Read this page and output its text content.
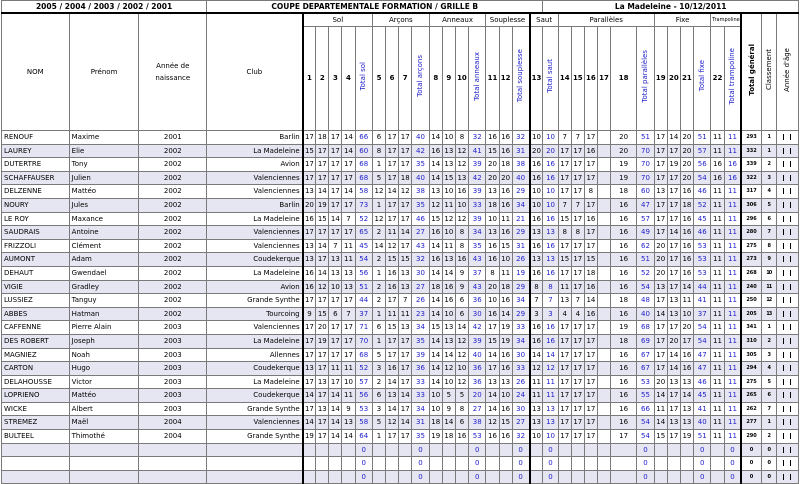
2005 / 2004 / 2003 / 2002 / 2001			COUPE DEPARTEMENTALE FORMATION / GRILLE B																		La Madeleine - 10/12/2011															
NOM	Prénom	Année de naissance	Club	Sol					Arçons				Anneaux				Souplesse			Saut		Parallèles						Fixe				Trampoline		Total général	Classement	Année d'âge
				1	2	3	4	Total sol	5	6	7	Total arçons	8	9	10	Total anneaux	11	12	Total souplesse	13	Total saut	14	15	16	17	18	Total parallèles	19	20	21	Total fixe	22	Total trampoline			
RENOUF	Maxime	2001	Barlin	17	18	17	14	66	6	17	17	40	14	10	8	32	16	16	32	10	10	7	7	17		20	51	17	14	20	51	11	11	293	1	
LAUREY	Elie	2002	La Madeleine	15	17	17	14	60	8	17	17	42	16	13	12	41	15	16	31	20	20	17	17	16		20	70	17	17	20	57	11	11	332	1	
DUTERTRE	Tony	2002	Avion	17	17	17	17	68	1	17	17	35	14	13	12	39	20	18	38	16	16	17	17	17		19	70	17	19	20	56	16	16	339	2	
SCHAFFAUSER	Julien	2002	Valenciennes	17	17	17	17	68	5	17	18	40	14	15	13	42	20	20	40	16	16	17	17	17		19	70	17	17	20	54	16	16	322	3	
DELZENNE	Mattéo	2002	Valenciennes	13	14	17	14	58	12	14	12	38	13	10	16	39	13	16	29	10	10	17	17	8		18	60	13	17	16	46	11	11	317	4	
NOURY	Jules	2002	Barlin	20	19	17	17	73	1	17	17	35	12	11	10	33	18	16	34	10	10	7	7	17		16	47	17	17	18	52	11	11	306	5	
LE ROY	Maxance	2002	La Madeleine	16	15	14	7	52	12	17	17	46	15	12	12	39	10	11	21	16	16	15	17	16		16	57	17	17	16	45	11	11	296	6	
SAUDRAIS	Antoine	2002	Valenciennes	17	17	17	17	65	2	11	14	27	16	10	8	34	13	16	29	13	13	8	8	17		16	49	17	14	16	46	11	11	280	7	
FRIZZOLI	Clément	2002	Valenciennes	13	14	7	11	45	14	12	17	43	14	11	8	35	16	15	31	16	16	17	17	17		16	62	20	17	16	53	11	11	275	8	
AUMONT	Adam	2002	Coudekerque	13	17	13	11	54	2	15	15	32	16	13	16	43	16	10	26	13	13	15	17	15		16	51	20	17	16	53	11	11	273	9	
DEHAUT	Gwendael	2002	La Madeleine	16	14	13	13	56	1	16	13	30	14	14	9	37	8	11	19	16	16	17	17	18		16	52	20	17	16	53	11	11	268	10	
VIGIE	Gradley	2002	Avion	16	12	10	13	51	2	16	13	27	18	16	9	43	20	18	29	8	8	11	17	16		16	54	13	17	14	44	11	11	240	11	
LUSSIEZ	Tanguy	2002	Grande Synthe	17	17	17	17	44	2	17	7	26	14	16	6	36	10	16	34	7	7	13	7	14		18	48	17	13	11	41	11	11	250	12	
ABBES	Hatman	2002	Tourcoing	9	15	6	7	37	1	11	11	23	14	10	6	30	16	14	29	3	3	4	4	16		16	40	14	13	10	37	11	11	205	13	
CAFFENNE	Pierre Alain	2003	Valenciennes	17	20	17	17	71	6	15	13	34	15	13	14	42	17	19	33	16	16	17	17	17		19	68	17	17	20	54	11	11	341	1	
DES ROBERT	Joseph	2003	La Madeleine	17	19	17	17	70	1	17	17	35	14	13	12	39	15	19	34	16	16	17	17	17		18	69	17	20	17	54	11	11	310	2	
MAGNIEZ	Noah	2003	Allennes	17	17	17	17	68	5	17	17	39	14	14	12	40	14	16	30	14	14	17	17	17		16	67	17	14	16	47	11	11	305	3	
CARTON	Hugo	2003	Coudekerque	13	17	11	11	52	3	16	17	36	14	12	10	36	17	16	33	12	12	17	17	17		16	67	17	14	16	47	11	11	294	4	
DELAHOUSSE	Victor	2003	La Madeleine	17	13	17	10	57	2	14	17	33	14	10	12	36	13	13	26	11	11	17	17	17		16	53	20	13	13	46	11	11	275	5	
LOPRIENO	Mattéo	2003	Coudekerque	14	17	14	11	56	6	13	14	33	10	5	5	20	14	10	24	11	11	17	17	17		16	55	14	17	14	45	11	11	265	6	
WICKE	Albert	2003	Grande Synthe	17	13	14	9	53	3	14	17	34	10	9	8	27	14	16	30	13	13	17	17	17		16	66	11	17	13	41	11	11	262	7	
STREMEZ	Maël	2004	Valenciennes	14	17	14	13	58	5	12	14	31	18	14	6	38	12	15	27	13	13	17	17	17		16	54	14	13	13	40	11	11	277	1	
BULTEEL	Thimothé	2004	Grande Synthe	19	17	14	14	64	1	17	17	35	19	18	16	53	16	16	32	10	10	17	17	17		17	54	15	17	19	51	11	11	290	2	
								0				0				0			0		0						0				0		0	0	0	
								0				0				0			0		0						0				0		0	0	0	
								0				0				0			0		0						0				0		0	0	0	
